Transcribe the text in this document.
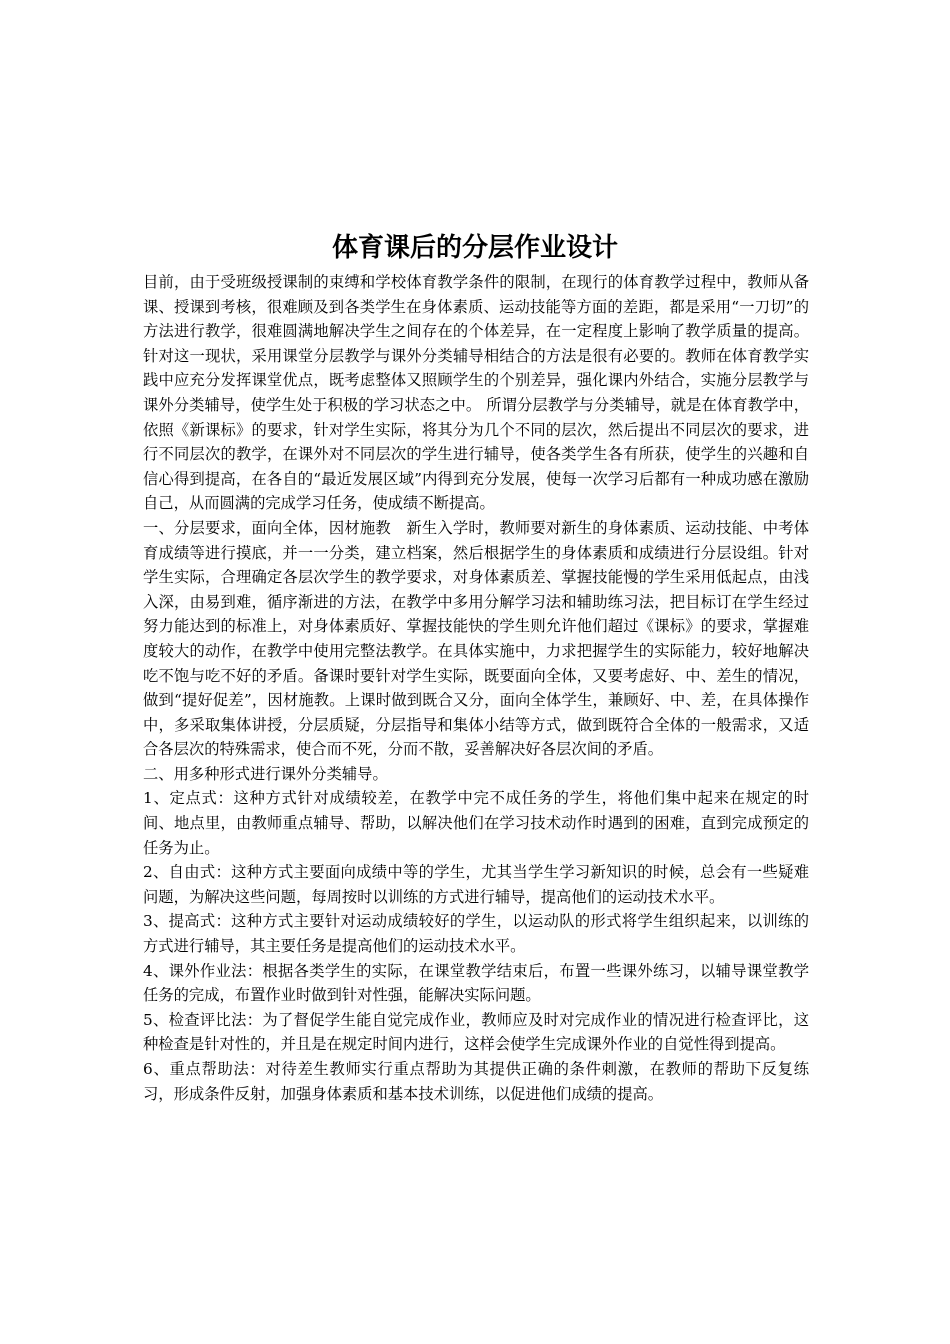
体育课后的分层作业设计

目前，由于受班级授课制的束缚和学校体育教学条件的限制，在现行的体育教学过程中，教师从备课、授课到考核，很难顾及到各类学生在身体素质、运动技能等方面的差距，都是采用“一刀切”的方法进行教学，很难圆满地解决学生之间存在的个体差异，在一定程度上影响了教学质量的提高。针对这一现状，采用课堂分层教学与课外分类辅导相结合的方法是很有必要的。教师在体育教学实践中应充分发挥课堂优点，既考虑整体又照顾学生的个别差异，强化课内外结合，实施分层教学与课外分类辅导，使学生处于积极的学习状态之中。 所谓分层教学与分类辅导，就是在体育教学中，依照《新课标》的要求，针对学生实际，将其分为几个不同的层次，然后提出不同层次的要求，进行不同层次的教学，在课外对不同层次的学生进行辅导，使各类学生各有所获，使学生的兴趣和自信心得到提高，在各自的“最近发展区域”内得到充分发展，使每一次学习后都有一种成功感在激励自己，从而圆满的完成学习任务，使成绩不断提高。

一、分层要求，面向全体，因材施教　新生入学时，教师要对新生的身体素质、运动技能、中考体育成绩等进行摸底，并一一分类，建立档案，然后根据学生的身体素质和成绩进行分层设组。针对学生实际，合理确定各层次学生的教学要求，对身体素质差、掌握技能慢的学生采用低起点，由浅入深，由易到难，循序渐进的方法，在教学中多用分解学习法和辅助练习法，把目标订在学生经过努力能达到的标准上，对身体素质好、掌握技能快的学生则允许他们超过《课标》的要求，掌握难度较大的动作，在教学中使用完整法教学。在具体实施中，力求把握学生的实际能力，较好地解决吃不饱与吃不好的矛盾。备课时要针对学生实际，既要面向全体，又要考虑好、中、差生的情况，做到“提好促差”，因材施教。上课时做到既合又分，面向全体学生，兼顾好、中、差，在具体操作中，多采取集体讲授，分层质疑，分层指导和集体小结等方式，做到既符合全体的一般需求，又适合各层次的特殊需求，使合而不死，分而不散，妥善解决好各层次间的矛盾。

二、用多种形式进行课外分类辅导。

1、定点式：这种方式针对成绩较差，在教学中完不成任务的学生，将他们集中起来在规定的时间、地点里，由教师重点辅导、帮助，以解决他们在学习技术动作时遇到的困难，直到完成预定的任务为止。

2、自由式：这种方式主要面向成绩中等的学生，尤其当学生学习新知识的时候，总会有一些疑难问题，为解决这些问题，每周按时以训练的方式进行辅导，提高他们的运动技术水平。

3、提高式：这种方式主要针对运动成绩较好的学生，以运动队的形式将学生组织起来，以训练的方式进行辅导，其主要任务是提高他们的运动技术水平。

4、课外作业法：根据各类学生的实际，在课堂教学结束后，布置一些课外练习，以辅导课堂教学任务的完成，布置作业时做到针对性强，能解决实际问题。

5、检查评比法：为了督促学生能自觉完成作业，教师应及时对完成作业的情况进行检查评比，这种检查是针对性的，并且是在规定时间内进行，这样会使学生完成课外作业的自觉性得到提高。

6、重点帮助法：对待差生教师实行重点帮助为其提供正确的条件刺激，在教师的帮助下反复练习，形成条件反射，加强身体素质和基本技术训练，以促进他们成绩的提高。
